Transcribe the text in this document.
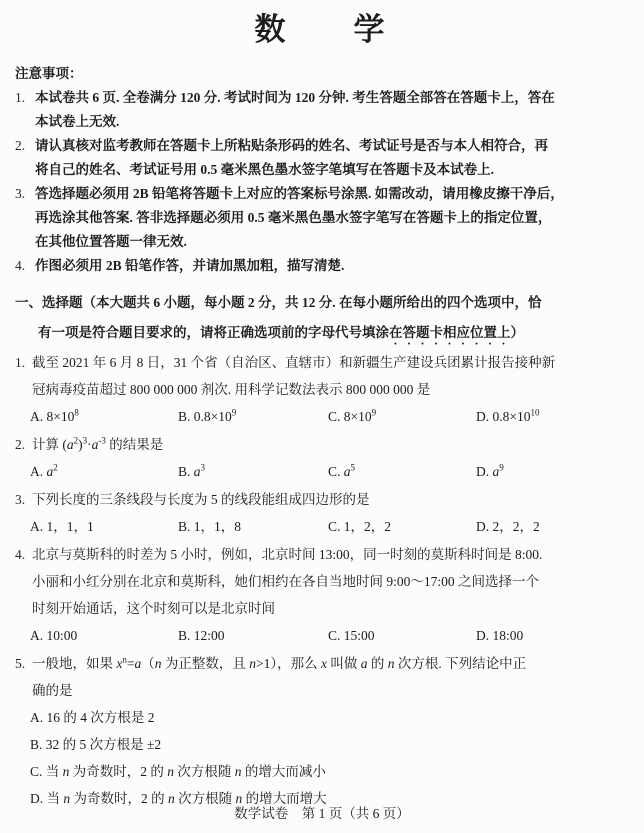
数　　学
注意事项：
1. 本试卷共 6 页. 全卷满分 120 分. 考试时间为 120 分钟. 考生答题全部答在答题卡上，答在
本试卷上无效.
2. 请认真核对监考教师在答题卡上所粘贴条形码的姓名、考试证号是否与本人相符合，再
将自己的姓名、考试证号用 0.5 毫米黑色墨水签字笔填写在答题卡及本试卷上.
3. 答选择题必须用 2B 铅笔将答题卡上对应的答案标号涂黑. 如需改动，请用橡皮擦干净后，
再选涂其他答案. 答非选择题必须用 0.5 毫米黑色墨水签字笔写在答题卡上的指定位置，
在其他位置答题一律无效.
4. 作图必须用 2B 铅笔作答，并请加黑加粗，描写清楚.
一、选择题（本大题共 6 小题，每小题 2 分，共 12 分. 在每小题所给出的四个选项中，恰
有一项是符合题目要求的，请将正确选项前的字母代号填涂在答题卡相应位置上）
1. 截至 2021 年 6 月 8 日，31 个省（自治区、直辖市）和新疆生产建设兵团累计报告接种新
冠病毒疫苗超过 800 000 000 剂次. 用科学记数法表示 800 000 000 是
A. $8\times 10^8$	B. $0.8\times 10^9$	C. $8\times 10^9$	D. $0.8\times 10^{10}$
2. 计算 $(a^2)^3\cdot a^{-3}$ 的结果是
A. $a^2$	B. $a^3$	C. $a^5$	D. $a^9$
3. 下列长度的三条线段与长度为 5 的线段能组成四边形的是
A. 1，1，1	B. 1，1，8	C. 1，2，2	D. 2，2，2
4. 北京与莫斯科的时差为 5 小时，例如，北京时间 13:00，同一时刻的莫斯科时间是 8:00.
小丽和小红分别在北京和莫斯科，她们相约在各自当地时间 9:00～17:00 之间选择一个
时刻开始通话，这个时刻可以是北京时间
A. 10:00	B. 12:00	C. 15:00	D. 18:00
5. 一般地，如果 $x^n=a(n$ 为正整数，且 n>1），那么 x 叫做 a 的 n 次方根. 下列结论中正
确的是
A. 16 的 4 次方根是 2
B. 32 的 5 次方根是 ±2
C. 当 n 为奇数时，2 的 n 次方根随 n 的增大而减小
D. 当 n 为奇数时，2 的 n 次方根随 n 的增大而增大
数学试卷　第 1 页（共 6 页）
